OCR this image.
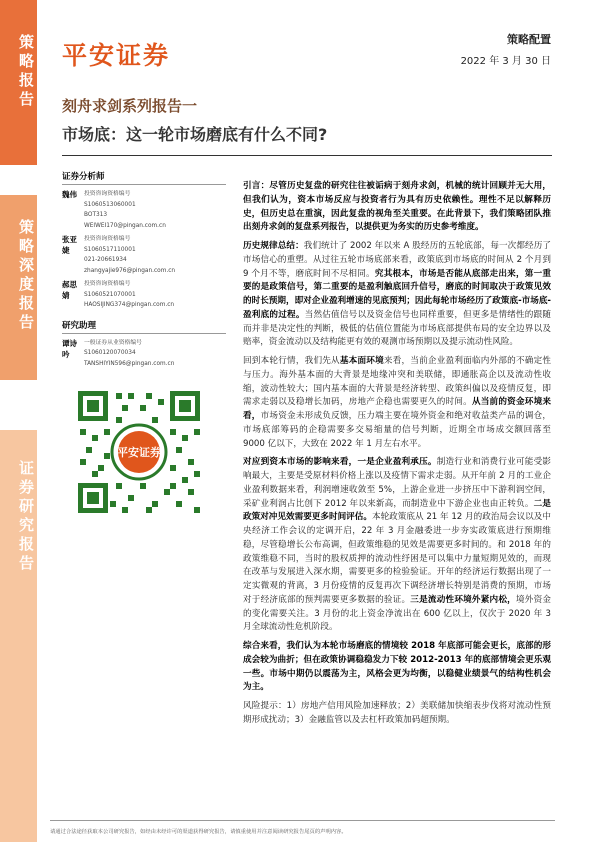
策略报告
策略深度报告
证券研究报告
平安证券
策略配置
2022 年 3 月 30 日
刻舟求剑系列报告一
市场底：这一轮市场磨底有什么不同?
证券分析师
魏伟	投资咨询资格编号
S1060513060001
BOT313
WEIWEI170@pingan.com.cn
张亚婕
投资咨询资格编号
S1060517110001
021-20661934
zhangyajie976@pingan.com.cn
郝思婧
投资咨询资格编号
S1060521070001
HAOSIJING374@pingan.com.cn
研究助理
谭诗吟
一般证券从业资格编号
S1060120070034
TANSHIYIN596@pingan.com.cn
平安证券

引言：尽管历史复盘的研究往往被诟病于刻舟求剑，机械的统计回顾并无大用，但我们认为，资本市场反应与投资者行为具有历史依赖性。理性不足以解释历史，但历史总在重演，因此复盘的视角至关重要。在此背景下，我们策略团队推出刻舟求剑的复盘系列报告，以提供更为务实的历史参考维度。

历史规律总结：我们统计了 2002 年以来 A 股经历的五轮底部，每一次都经历了市场信心的重塑。从过往五轮市场底部来看，政策底到市场底的时间从 2 个月到 9 个月不等，磨底时间不尽相同。究其根本，市场是否能从底部走出来，第一重要的是政策信号，第二重要的是盈利触底回升信号，磨底的时间取决于政策见效的时长预期，即对企业盈利增速的见底预判；因此每轮市场经历了政策底-市场底-盈利底的过程。当然估值信号以及资金信号也同样重要，但更多是情绪性的跟随而并非是决定性的判断，极低的估值位置能为市场底部提供布局的安全边界以及赔率，资金流动以及结构能更有效的观测市场预期以及提示流动性风险。

回到本轮行情，我们先从基本面环境来看，当前企业盈利面临内外部的不确定性与压力。海外基本面的大背景是地缘冲突和美联储，即通胀高企以及流动性收缩，波动性较大；国内基本面的大背景是经济转型、政策纠偏以及疫情反复，即需求走弱以及稳增长加码，房地产企稳也需要更久的时间。从当前的资金环境来看，市场资金未形成负反馈，压力端主要在境外资金和绝对收益类产品的调仓，市场底部筹码的企稳需要多交易缩量的信号判断，近期全市场成交额回落至 9000 亿以下，大致在 2022 年 1 月左右水平。

对应到资本市场的影响来看，一是企业盈利承压。制造行业和消费行业可能受影响最大，主要是受原材料价格上涨以及疫情下需求走弱。从开年前 2 月的工业企业盈利数据来看，利润增速收敛至 5%，上游企业进一步挤压中下游利润空间，采矿业利润占比创下 2012 年以来新高，而制造业中下游企业也由正转负。二是政策对冲见效需要更多时间评估。本轮政策底从 21 年 12 月的政治局会议以及中央经济工作会议的定调开启，22 年 3 月金融委进一步夯实政策底进行预期维稳，尽管稳增长公布高调，但政策维稳的见效是需要更多时间的。和 2018 年的政策维稳不同，当时的股权质押的流动性纾困是可以集中力量短期见效的，而现在改革与发展进入深水期，需要更多的检验验证。开年的经济运行数据出现了一定实微观的背离，3 月份疫情的反复再次下调经济增长特别是消费的预期，市场对于经济底部的预判需要更多数据的验证。三是流动性环境外紧内松，境外资金的变化需要关注。3 月份的北上资金净流出在 600 亿以上，仅次于 2020 年 3 月全球流动性危机阶段。

综合来看，我们认为本轮市场磨底的情境较 2018 年底部可能会更长，底部的形成会较为曲折；但在政策协调稳稳发力下较 2012-2013 年的底部情境会更乐观一些。市场中期仍以震荡为主，风格会更为均衡，以稳健业绩景气的结构性机会为主。

风险提示：1）房地产信用风险加速释放；2）美联储加快缩表步伐将对流动性预期形成扰动；3）金融监管以及去杠杆政策加码超预期。

请通过合法途径获取本公司研究报告，如经由未经许可的渠道获得研究报告，请慎重使用并注意阅读研究报告尾页的声明内容。
